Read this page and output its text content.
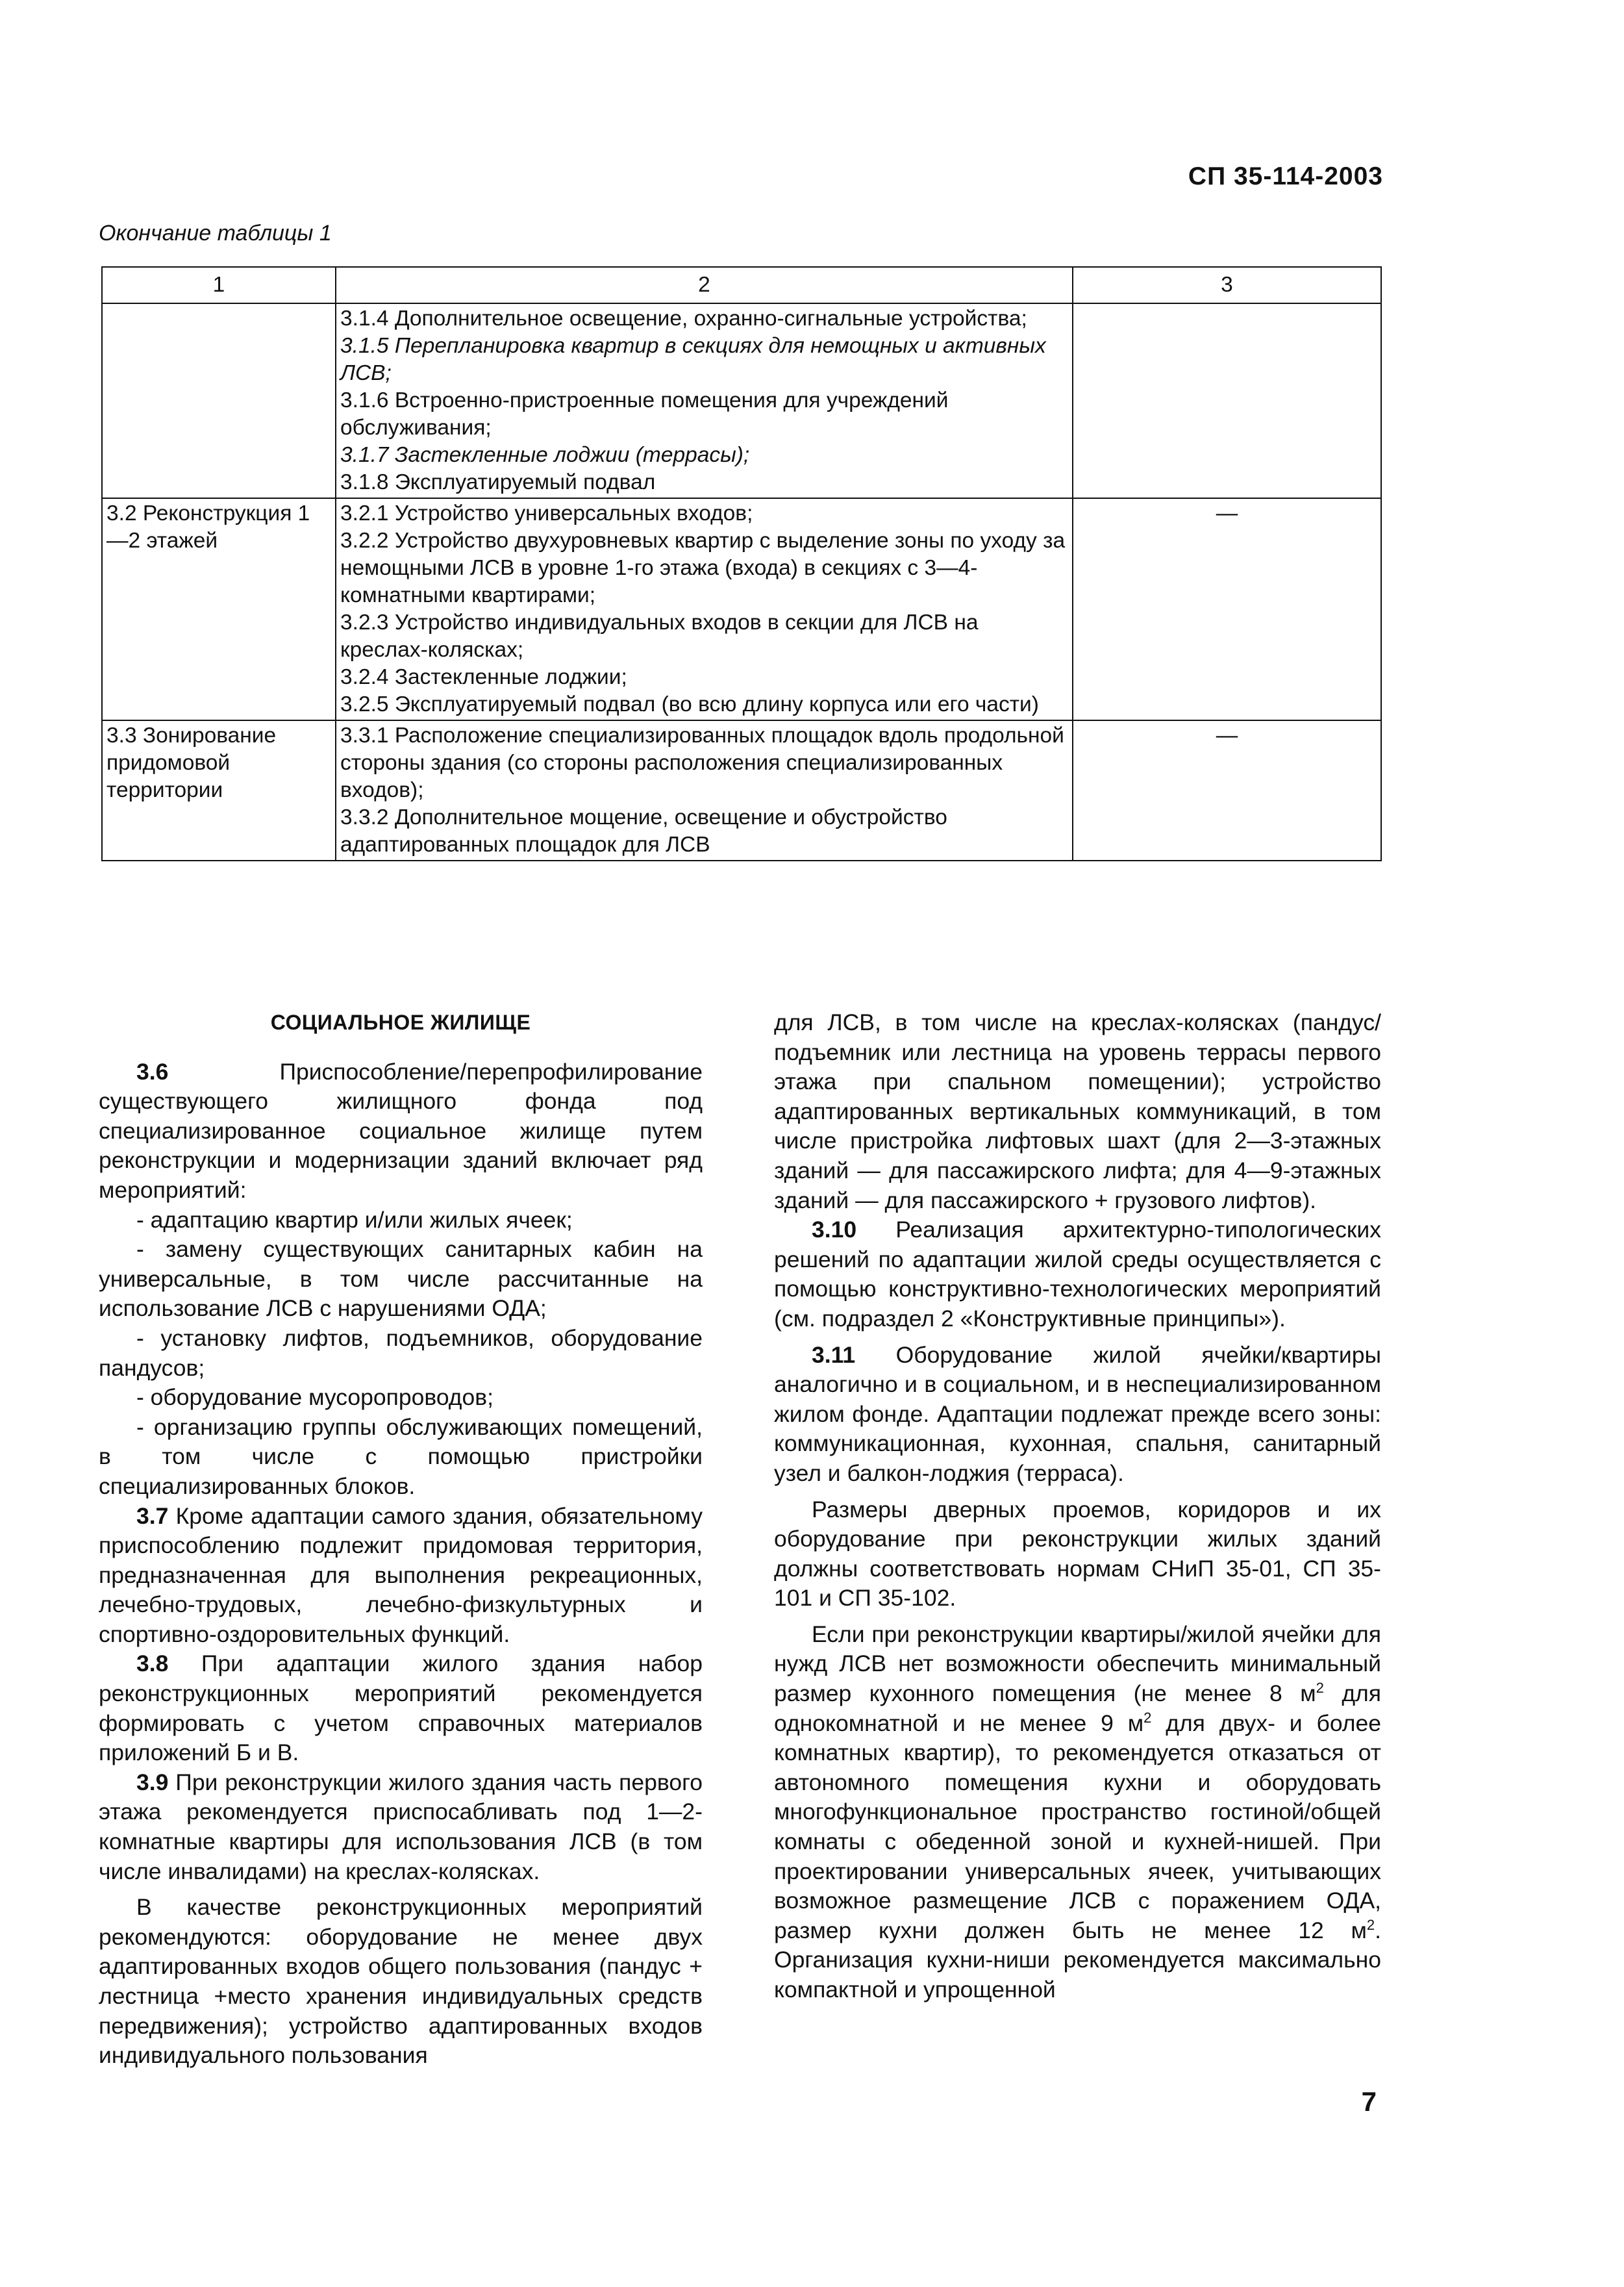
СП 35-114-2003
Окончание таблицы 1
1	2	3

	3.1.4 Дополнительное освещение, охранно-сигнальные устройства;
3.1.5 Перепланировка квартир в секциях для немощных и активных ЛСВ;
3.1.6 Встроенно-пристроенные помещения для учреждений обслуживания;
3.1.7 Застекленные лоджии (террасы);
3.1.8 Эксплуатируемый подвал	

3.2 Реконструкция 1—2 этажей	3.2.1 Устройство универсальных входов;
3.2.2 Устройство двухуровневых квартир с выделение зоны по уходу за немощными ЛСВ в уровне 1-го этажа (входа) в секциях с 3—4-комнатными квартирами;
3.2.3 Устройство индивидуальных входов в секции для ЛСВ на креслах-колясках;
3.2.4 Застекленные лоджии;
3.2.5 Эксплуатируемый подвал (во всю длину корпуса или его части)	—
3.3 Зонирование придомовой территории	3.3.1 Расположение специализированных площадок вдоль продольной стороны здания (со стороны расположения специализированных входов);
3.3.2 Дополнительное мощение, освещение и обустройство адаптированных площадок для ЛСВ	—
СОЦИАЛЬНОЕ ЖИЛИЩЕ

3.6	Приспособление/перепрофилирование существующего жилищного фонда под специализированное социальное жилище путем реконструкции и модернизации зданий включает ряд мероприятий:

- адаптацию квартир и/или жилых ячеек;

- замену существующих санитарных кабин на универсальные, в том числе рассчитанные на использование ЛСВ с нарушениями ОДА;

- установку лифтов, подъемников, оборудование пандусов;

- оборудование мусоропроводов;

- организацию группы обслуживающих помещений, в том числе с помощью пристройки специализированных блоков.

3.7 Кроме адаптации самого здания, обязательному приспособлению подлежит придомовая территория, предназначенная для выполнения рекреационных, лечебно-трудовых, лечебно-физкультурных и спортивно-оздоровительных функций.

3.8 При адаптации жилого здания набор реконструкционных мероприятий рекомендуется формировать с учетом справочных материалов приложений Б и В.

3.9 При реконструкции жилого здания часть первого этажа рекомендуется приспосабливать под 1—2-комнатные квартиры для использования ЛСВ (в том числе инвалидами) на креслах-колясках.

В качестве реконструкционных мероприятий рекомендуются: оборудование не менее двух адаптированных входов общего пользования (пандус + лестница +место хранения индивидуальных средств передвижения); устройство адаптированных входов индивидуального пользования

для ЛСВ, в том числе на креслах-колясках (пандус/подъемник или лестница на уровень террасы первого этажа при спальном помещении); устройство адаптированных вертикальных коммуникаций, в том числе пристройка лифтовых шахт (для 2—3-этажных зданий — для пассажирского лифта; для 4—9-этажных зданий — для пассажирского + грузового лифтов).

3.10 Реализация архитектурно-типологических решений по адаптации жилой среды осуществляется с помощью конструктивно-технологических мероприятий (см. подраздел 2 «Конструктивные принципы»).

3.11 Оборудование жилой ячейки/квартиры аналогично и в социальном, и в неспециализированном жилом фонде. Адаптации подлежат прежде всего зоны: коммуникационная, кухонная, спальня, санитарный узел и балкон-лоджия (терраса).

Размеры дверных проемов, коридоров и их оборудование при реконструкции жилых зданий должны соответствовать нормам СНиП 35-01, СП 35-101 и СП 35-102.

Если при реконструкции квартиры/жилой ячейки для нужд ЛСВ нет возможности обеспечить минимальный размер кухонного помещения (не менее 8 $м^2$ для однокомнатной и не менее 9 $м^2$ для двух- и более комнатных квартир), то рекомендуется отказаться от автономного помещения кухни и оборудовать многофункциональное пространство гостиной/общей комнаты с обеденной зоной и кухней-нишей. При проектировании универсальных ячеек, учитывающих возможное размещение ЛСВ с поражением ОДА, размер кухни должен быть не менее 12 $м^2$. Организация кухни-ниши рекомендуется максимально компактной и упрощенной

7
